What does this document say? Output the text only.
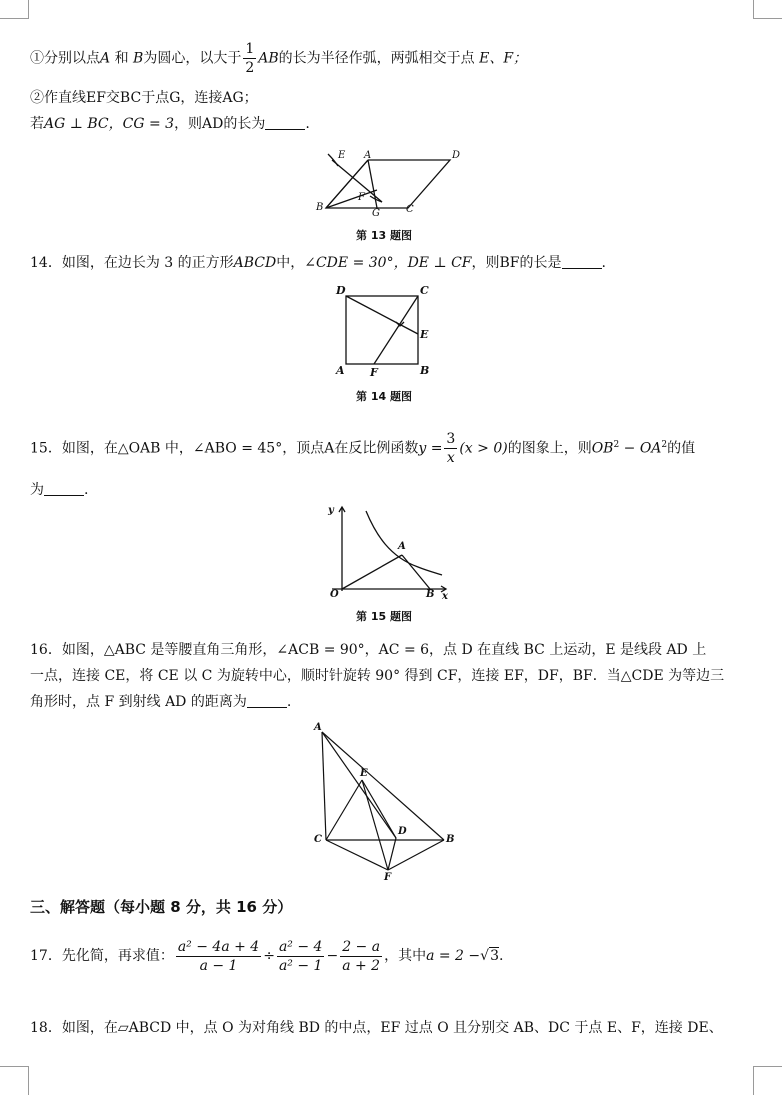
①分别以点A 和 B为圆心，以大于 $\frac{1}{2}$ AB的长为半径作弧，两弧相交于点 E、F；
②作直线EF交BC于点G，连接AG；
若AG ⊥ BC，CG = 3，则AD的长为	.
E A	D
F
B
G	C
第 13 题图
14．如图，在边长为 3 的正方形ABCD中，∠CDE = 30°，DE ⊥ CF，则BF的长是	.
D	C
E
A F	B
第 14 题图
15．如图，在△OAB 中，∠ABO = 45°，顶点A在反比例函数$y = \frac{3}{x} (x > 0)$的图象上，则$OB^2 - OA^2$的值
为	.
y
A
O	B x
第 15 题图
16．如图，△ABC 是等腰直角三角形，∠ACB = 90°，AC = 6，点 D 在直线 BC 上运动，E 是线段 AD 上
一点，连接 CE，将 CE 以 C 为旋转中心，顺时针旋转 90° 得到 CF，连接 EF，DF，BF．当△CDE 为等边三
角形时，点 F 到射线 AD 的距离为	.
A
E
C
D
B
F
三、解答题（每小题 8 分，共 16 分）
17．先化简，再求值： $\frac{\text{a² − 4a + 4}}{a - 1} \div \frac{\text{a² − 4}}{\text{a² − 1}} - \frac{2 - a}{a + 2}$ ，其中a = 2 −√3.
18．如图，在▱ABCD 中，点 O 为对角线 BD 的中点，EF 过点 O 且分别交 AB、DC 于点 E、F，连接 DE、
